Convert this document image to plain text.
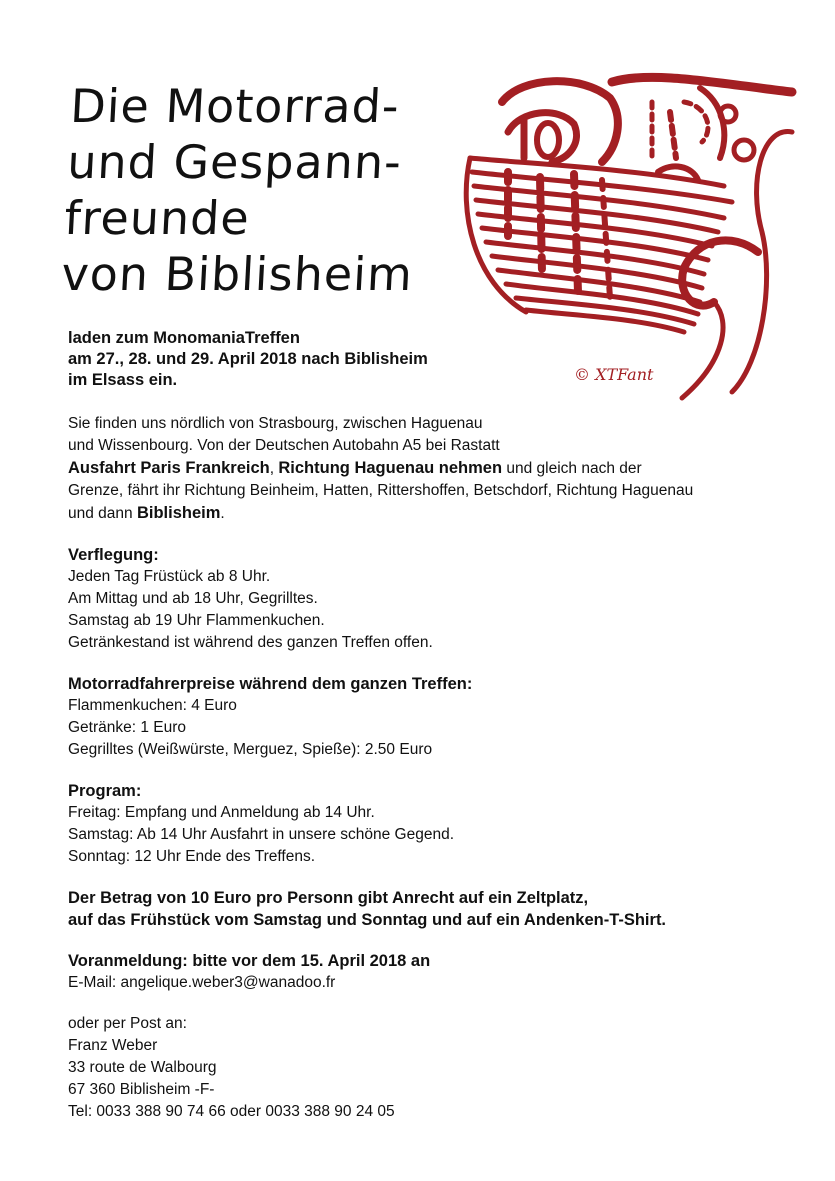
Die Motorrad-
und Gespann-
freunde
von Biblisheim
© XTFant

laden zum MonomaniaTreffen
am 27., 28. und 29. April 2018 nach Biblisheim
im Elsass ein.

Sie finden uns nördlich von Strasbourg, zwischen Haguenau
und Wissenbourg. Von der Deutschen Autobahn A5 bei Rastatt
Ausfahrt Paris Frankreich, Richtung Haguenau nehmen und gleich nach der
Grenze, fährt ihr Richtung Beinheim, Hatten, Rittershoffen, Betschdorf, Richtung Haguenau
und dann Biblisheim.
Verflegung:
Jeden Tag Früstück ab 8 Uhr.
Am Mittag und ab 18 Uhr, Gegrilltes.
Samstag ab 19 Uhr Flammenkuchen.
Getränkestand ist während des ganzen Treffen offen.
Motorradfahrerpreise während dem ganzen Treffen:
Flammenkuchen: 4 Euro
Getränke: 1 Euro
Gegrilltes (Weißwürste, Merguez, Spieße): 2.50 Euro
Program:
Freitag: Empfang und Anmeldung ab 14 Uhr.
Samstag: Ab 14 Uhr Ausfahrt in unsere schöne Gegend.
Sonntag: 12 Uhr Ende des Treffens.
Der Betrag von 10 Euro pro Personn gibt Anrecht auf ein Zeltplatz,
auf das Frühstück vom Samstag und Sonntag und auf ein Andenken-T-Shirt.
Voranmeldung: bitte vor dem 15. April 2018 an
E-Mail: angelique.weber3@wanadoo.fr
oder per Post an:
Franz Weber
33 route de Walbourg
67 360 Biblisheim -F-
Tel: 0033 388 90 74 66 oder 0033 388 90 24 05
